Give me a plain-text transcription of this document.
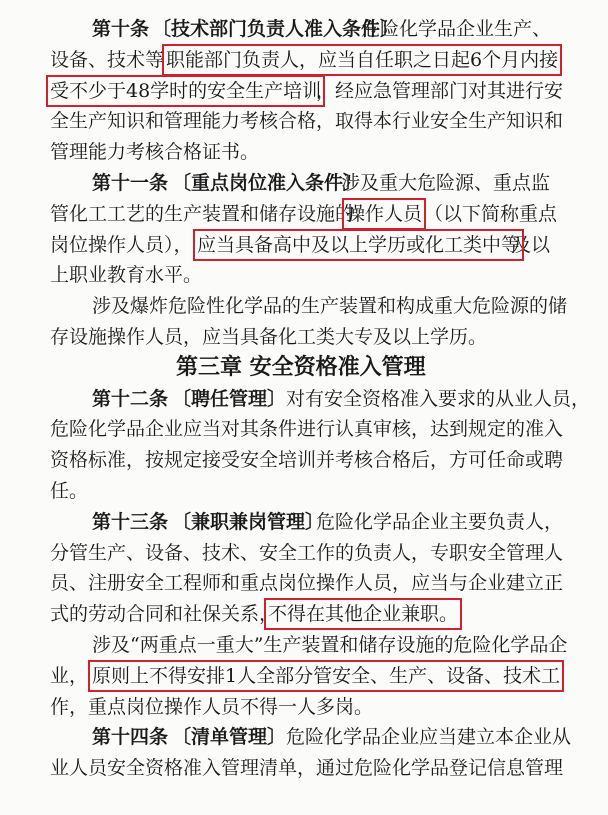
第十条 〔技术部门负责人准入条件〕
危险化学品企业生产、
设备、技术等 职能部门负责人，应当自任职之日起6个月内接
受不少于48学时的安全生产培训
，经应急管理部门对其进行安
全生产知识和管理能力考核合格，取得本行业安全生产知识和
管理能力考核合格证书。
第十一条 〔重点岗位准入条件〕
涉及重大危险源、重点监
管化工工艺的生产装置和储存设施的
操作人员 （以下简称重点
岗位操作人员）， 应当具备高中及以上学历或化工类中等
及以
上职业教育水平。
涉及爆炸危险性化学品的生产装置和构成重大危险源的储
存设施操作人员，应当具备化工类大专及以上学历。
第三章 安全资格准入管理
第十二条 〔聘任管理〕 对有安全资格准入要求的从业人员，
危险化学品企业应当对其条件进行认真审核，达到规定的准入
资格标准，按规定接受安全培训并考核合格后，方可任命或聘
任。
第十三条 〔兼职兼岗管理〕
危险化学品企业主要负责人，
分管生产、设备、技术、安全工作的负责人，专职安全管理人
员、注册安全工程师和重点岗位操作人员，应当与企业建立正
式的劳动合同和社保关系，
不得在其他企业兼职。
涉及“两重点一重大”生产装置和储存设施的危险化学品企
业， 原则上不得安排1人全部分管安全、生产、设备、技术工
作，重点岗位操作人员不得一人多岗。
第十四条 〔清单管理〕 危险化学品企业应当建立本企业从
业人员安全资格准入管理清单，通过危险化学品登记信息管理
